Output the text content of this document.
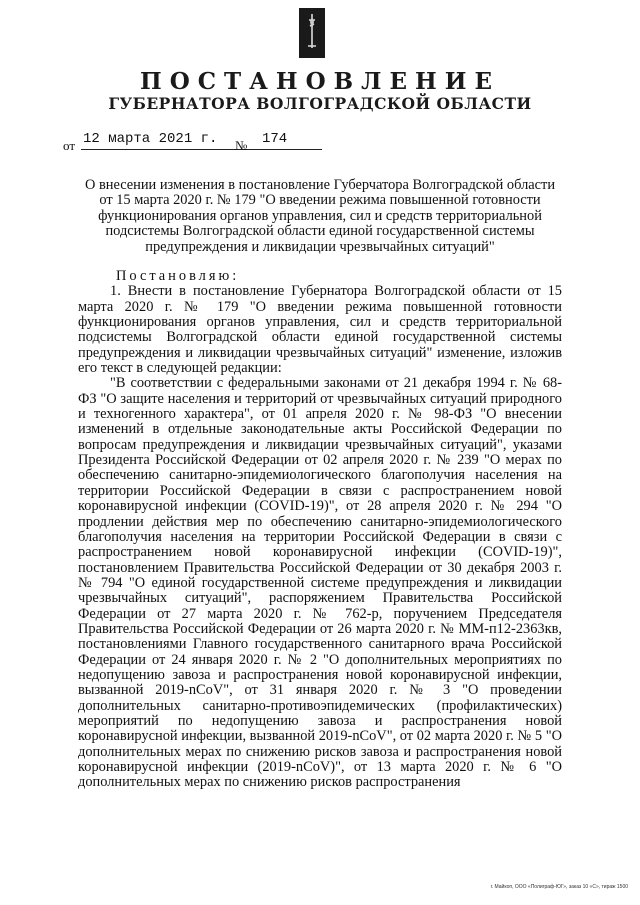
ПОСТАНОВЛЕНИЕ
ГУБЕРНАТОРА ВОЛГОГРАДСКОЙ ОБЛАСТИ
от 12 марта 2021 г.	№ 174
О внесении изменения в постановление Губерчатора Волгоградской области от 15 марта 2020 г. № 179 "О введении режима повышенной готовности функционирования органов управления, сил и средств территориальной подсистемы Волгоградской области единой государственной системы предупреждения и ликвидации чрезвычайных ситуаций"

Постановляю:

1. Внести в постановление Губернатора Волгоградской области от 15 марта 2020 г. № 179 "О введении режима повышенной готовности функционирования органов управления, сил и средств территориальной подсистемы Волгоградской области единой государственной системы предупреждения и ликвидации чрезвычайных ситуаций" изменение, изложив его текст в следующей редакции:

"В соответствии с федеральными законами от 21 декабря 1994 г. № 68-ФЗ "О защите населения и территорий от чрезвычайных ситуаций природного и техногенного характера", от 01 апреля 2020 г. № 98-ФЗ "О внесении изменений в отдельные законодательные акты Российской Федерации по вопросам предупреждения и ликвидации чрезвычайных ситуаций", указами Президента Российской Федерации от 02 апреля 2020 г. № 239 "О мерах по обеспечению санитарно-эпидемиологического благополучия населения на территории Российской Федерации в связи с распространением новой коронавирусной инфекции (COVID-19)", от 28 апреля 2020 г. № 294 "О продлении действия мер по обеспечению санитарно-эпидемиологического благополучия населения на территории Российской Федерации в связи с распространением новой коронавирусной инфекции (COVID-19)", постановлением Правительства Российской Федерации от 30 декабря 2003 г. № 794 "О единой государственной системе предупреждения и ликвидации чрезвычайных ситуаций", распоряжением Правительства Российской Федерации от 27 марта 2020 г. № 762-р, поручением Председателя Правительства Российской Федерации от 26 марта 2020 г. № ММ-п12-2363кв, постановлениями Главного государственного санитарного врача Российской Федерации от 24 января 2020 г. № 2 "О дополнительных мероприятиях по недопущению завоза и распространения новой коронавирусной инфекции, вызванной 2019-nCoV", от 31 января 2020 г. № 3 "О проведении дополнительных санитарно-противоэпидемических (профилактических) мероприятий по недопущению завоза и распространения новой коронавирусной инфекции, вызванной 2019-nCoV", от 02 марта 2020 г. № 5 "О дополнительных мерах по снижению рисков завоза и распространения новой коронавирусной инфекции (2019-nCoV)", от 13 марта 2020 г. № 6 "О дополнительных мерах по снижению рисков распространения

г. Майкоп, ООО «Полиграф-ЮГ», заказ 10 «С», тираж 1500
